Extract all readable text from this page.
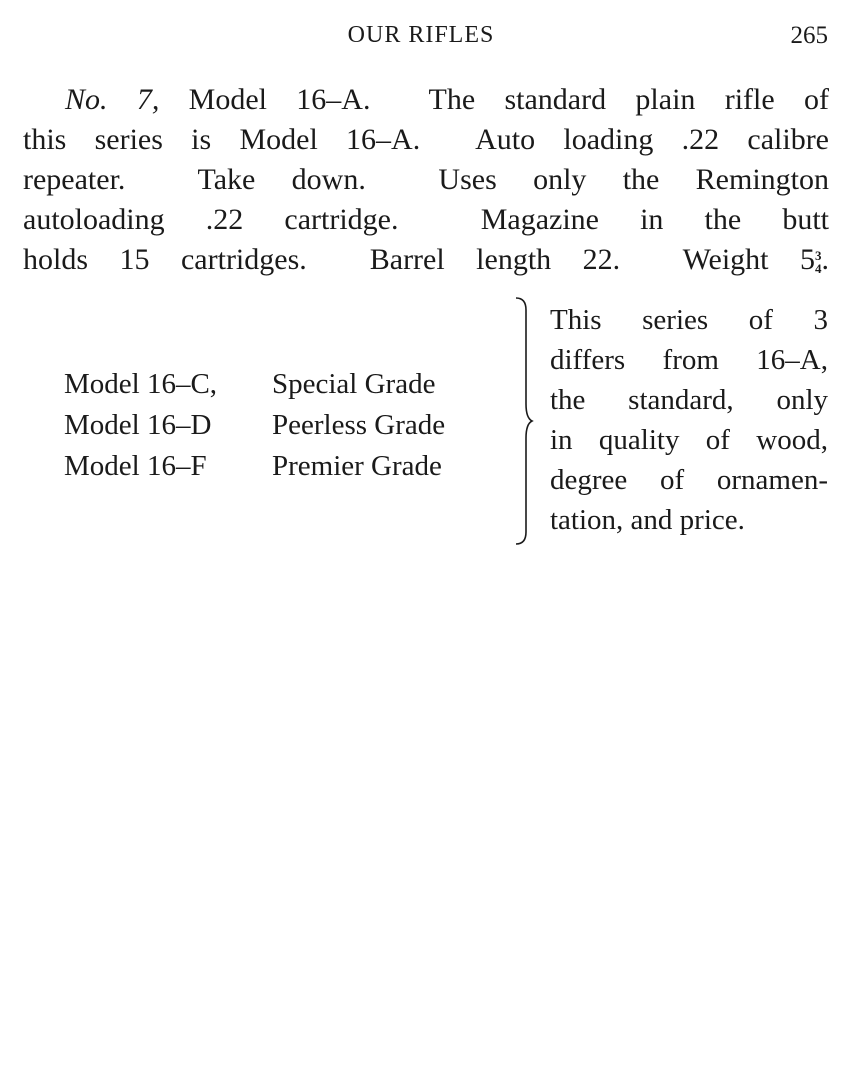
OUR RIFLES	265
No. 7, Model 16–A.  The standard plain rifle of
this series is Model 16–A.  Auto loading .22 calibre
repeater.  Take down.  Uses only the Remington
autoloading .22 cartridge.  Magazine in the butt
holds 15 cartridges.  Barrel length 22.  Weight 5 3
4 .
Model 16–C, Special Grade
Model 16–D Peerless Grade
Model 16–F Premier Grade
This series of 3
differs from 16–A,
the standard, only
in quality of wood,
degree of ornamen-
tation, and price.
